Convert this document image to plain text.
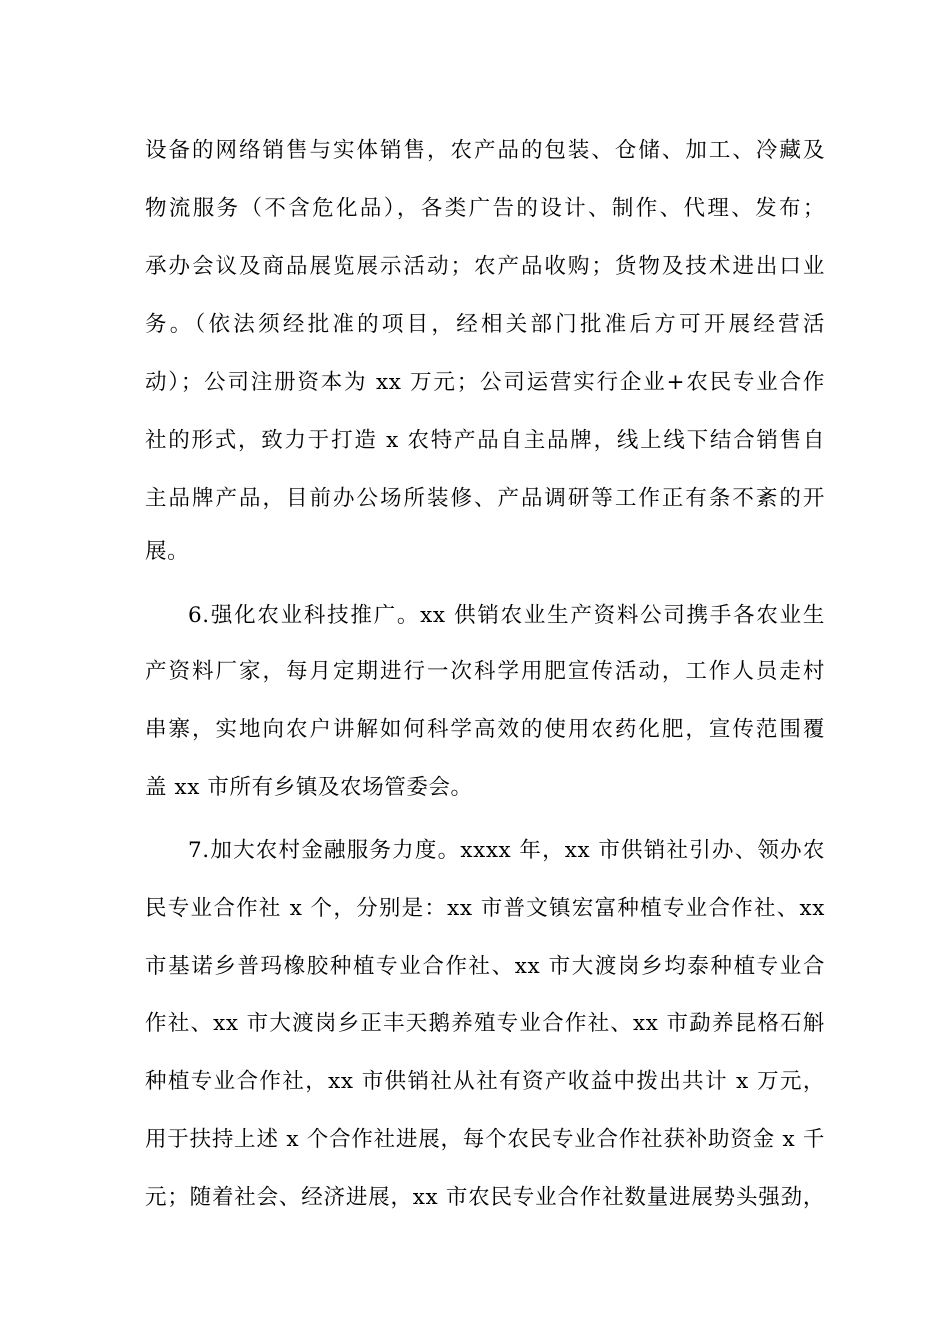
设备的网络销售与实体销售，农产品的包装、仓储、加工、冷藏及
物流服务（不含危化品），各类广告的设计、制作、代理、发布；
承办会议及商品展览展示活动；农产品收购；货物及技术进出口业
务。（依法须经批准的项目，经相关部门批准后方可开展经营活
动）；公司注册资本为 xx 万元；公司运营实行企业+农民专业合作
社的形式，致力于打造 x 农特产品自主品牌，线上线下结合销售自
主品牌产品，目前办公场所装修、产品调研等工作正有条不紊的开
展。
6.强化农业科技推广。xx 供销农业生产资料公司携手各农业生
产资料厂家，每月定期进行一次科学用肥宣传活动，工作人员走村
串寨，实地向农户讲解如何科学高效的使用农药化肥，宣传范围覆
盖 xx 市所有乡镇及农场管委会。
7.加大农村金融服务力度。xxxx 年，xx 市供销社引办、领办农
民专业合作社 x 个，分别是：xx 市普文镇宏富种植专业合作社、xx
市基诺乡普玛橡胶种植专业合作社、xx 市大渡岗乡均泰种植专业合
作社、xx 市大渡岗乡正丰天鹅养殖专业合作社、xx 市勐养昆格石斛
种植专业合作社，xx 市供销社从社有资产收益中拨出共计 x 万元，
用于扶持上述 x 个合作社进展，每个农民专业合作社获补助资金 x 千
元；随着社会、经济进展，xx 市农民专业合作社数量进展势头强劲，
